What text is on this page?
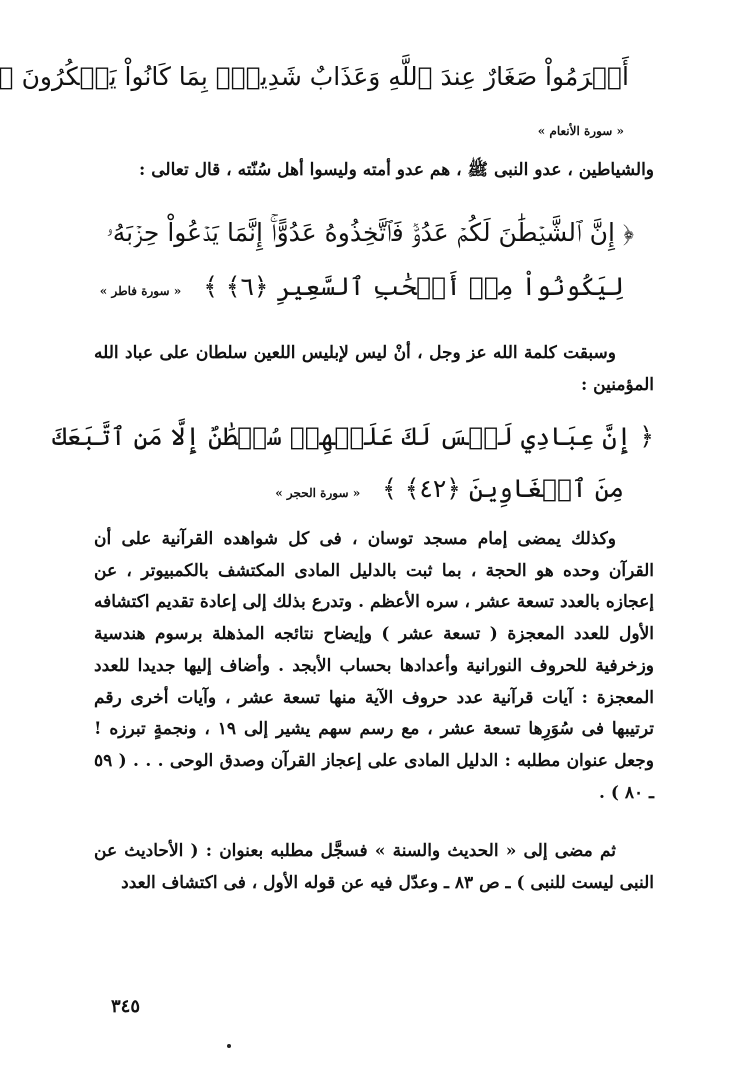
أَجۡرَمُواْ صَغَارٌ عِندَ ٱللَّهِ وَعَذَابٌ شَدِيدُۢ بِمَا كَانُواْ يَمۡكُرُونَ ﴿
« سورة الأنعام »

والشياطين ، عدو النبى ﷺ ، هم عدو أمته وليسوا أهل سُنّته ، قال تعالى :

﴿ إِنَّ ٱلشَّيۡطَٰنَ لَكُمۡ عَدُوّٞ فَٱتَّخِذُوهُ عَدُوًّاۚ إِنَّمَا يَدۡعُواْ حِزۡبَهُۥ
لِيَكُونُواْ مِنۡ أَصۡحَٰبِ ٱلسَّعِيرِ ﴿٦﴾ ﴾ « سورة فاطر »

وسبقت كلمة الله عز وجل ، أنْ ليس لإبليس اللعين سلطان على عباد الله المؤمنين :

﴿ إِنَّ عِبَادِي لَيۡسَ لَكَ عَلَيۡهِمۡ سُلۡطَٰنٌ إِلَّا مَنِ ٱتَّبَعَكَ
مِنَ ٱلۡغَاوِينَ ﴿٤٢﴾ ﴾ « سورة الحجر »

وكذلك يمضى إمام مسجد توسان ، فى كل شواهده القرآنية على أن القرآن وحده هو الحجة ، بما ثبت بالدليل المادى المكتشف بالكمبيوتر ، عن إعجازه بالعدد تسعة عشر ، سره الأعظم . وتدرع بذلك إلى إعادة تقديم اكتشافه الأول للعدد المعجزة ( تسعة عشر ) وإيضاح نتائجه المذهلة برسوم هندسية وزخرفية للحروف النورانية وأعدادها بحساب الأبجد . وأضاف إليها جديدا للعدد المعجزة : آيات قرآنية عدد حروف الآية منها تسعة عشر ، وآيات أخرى رقم ترتيبها فى سُوَرِها تسعة عشر ، مع رسم سهم يشير إلى ١٩ ، ونجمةٍ تبرزه ! وجعل عنوان مطلبه : الدليل المادى على إعجاز القرآن وصدق الوحى . . . ( ٥٩ ـ ٨٠ ) .

ثم مضى إلى « الحديث والسنة » فسجَّل مطلبه بعنوان : ( الأحاديث عن النبى ليست للنبى ) ـ ص ٨٣ ـ وعدّل فيه عن قوله الأول ، فى اكتشاف العدد

٣٤٥
